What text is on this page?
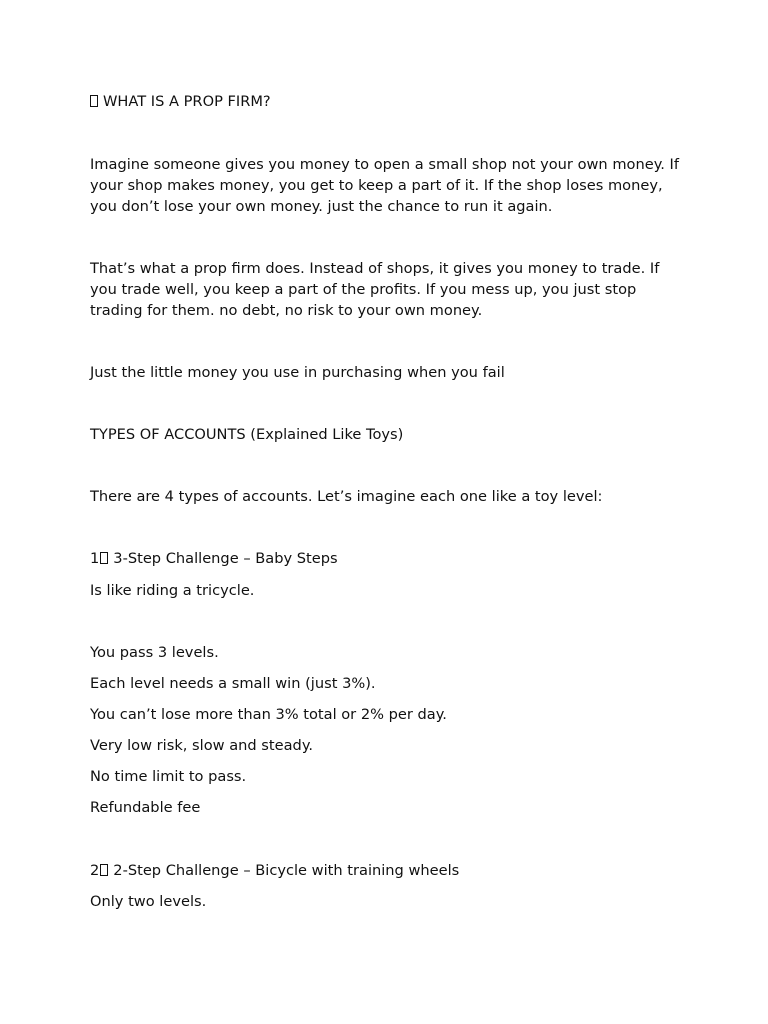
WHAT IS A PROP FIRM?

Imagine someone gives you money to open a small shop not your own money. If your shop makes money, you get to keep a part of it. If the shop loses money, you don’t lose your own money. just the chance to run it again.

That’s what a prop firm does. Instead of shops, it gives you money to trade. If you trade well, you keep a part of the profits. If you mess up, you just stop trading for them. no debt, no risk to your own money.

Just the little money you use in purchasing when you fail

TYPES OF ACCOUNTS (Explained Like Toys)

There are 4 types of accounts. Let’s imagine each one like a toy level:

1 3-Step Challenge – Baby Steps

Is like riding a tricycle.

You pass 3 levels.

Each level needs a small win (just 3%).

You can’t lose more than 3% total or 2% per day.

Very low risk, slow and steady.

No time limit to pass.

Refundable fee

2 2-Step Challenge – Bicycle with training wheels

Only two levels.
